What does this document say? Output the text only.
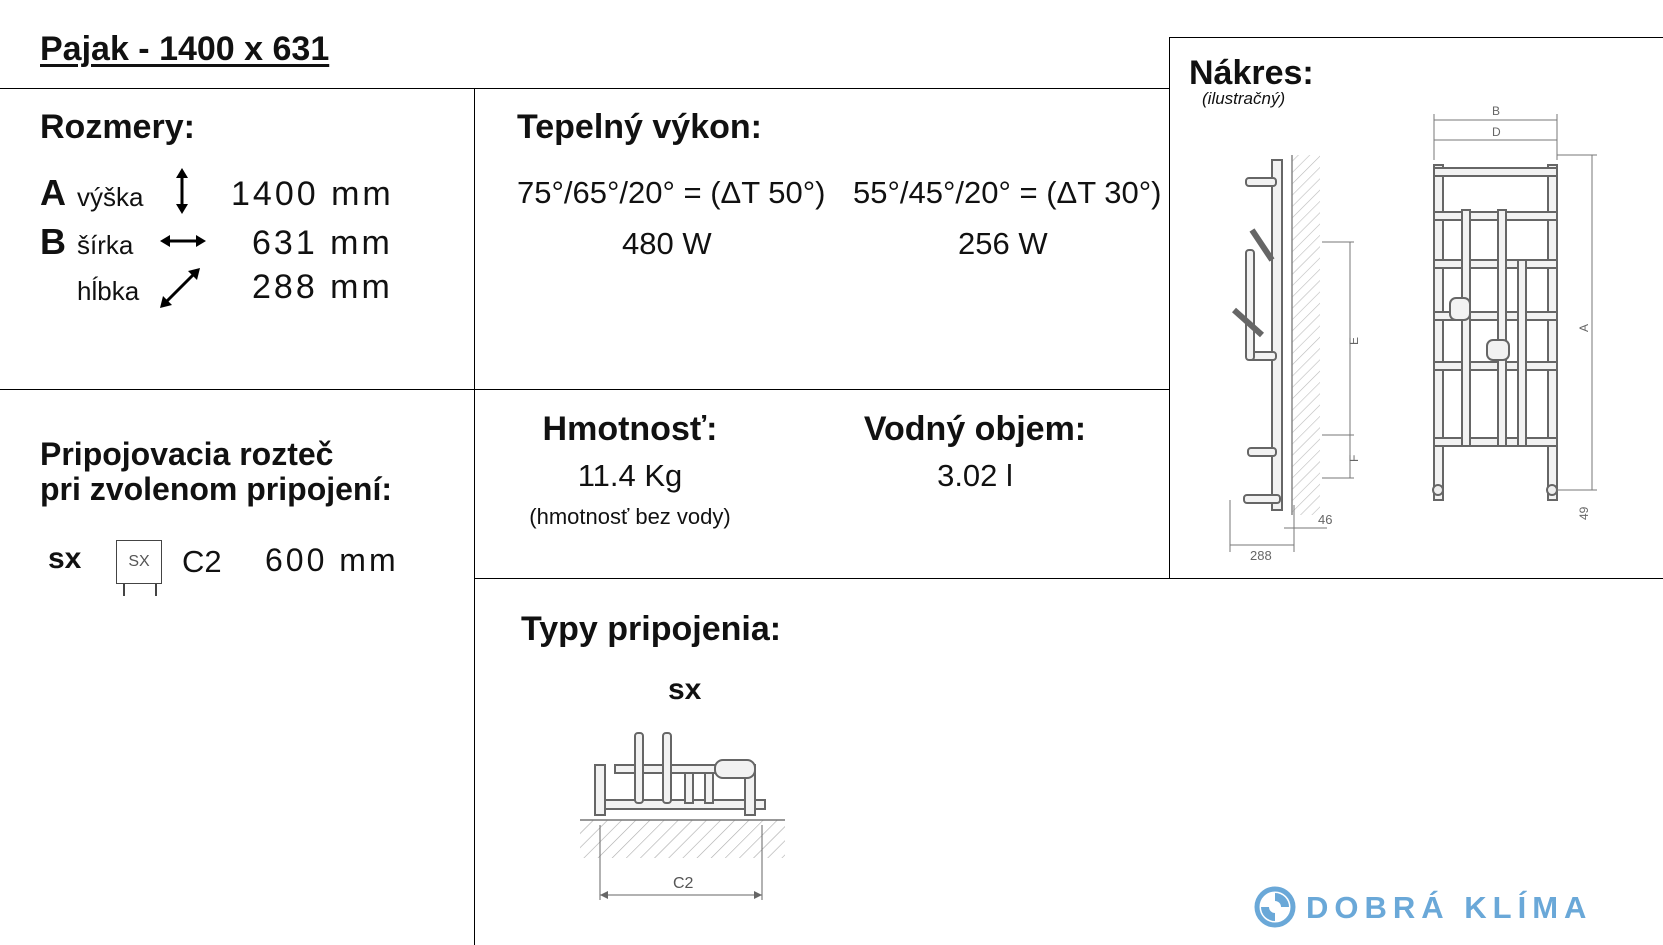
Pajak - 1400 x 631
Rozmery:
A výška	1400 mm
B šírka	631 mm
hĺbka	288 mm
Tepelný výkon:
75°/65°/20° = (ΔT 50°) 55°/45°/20° = (ΔT 30°)
480 W	256 W
Nákres:
(ilustračný)
E
F
46
288
B
D
A
49
Pripojovacia rozteč
pri zvolenom pripojení:
sx	SX C2 600 mm
Hmotnosť:
11.4 Kg
(hmotnosť bez vody)
Vodný objem:
3.02 l
Typy pripojenia:
sx
C2
DOBRÁ KLÍMA
